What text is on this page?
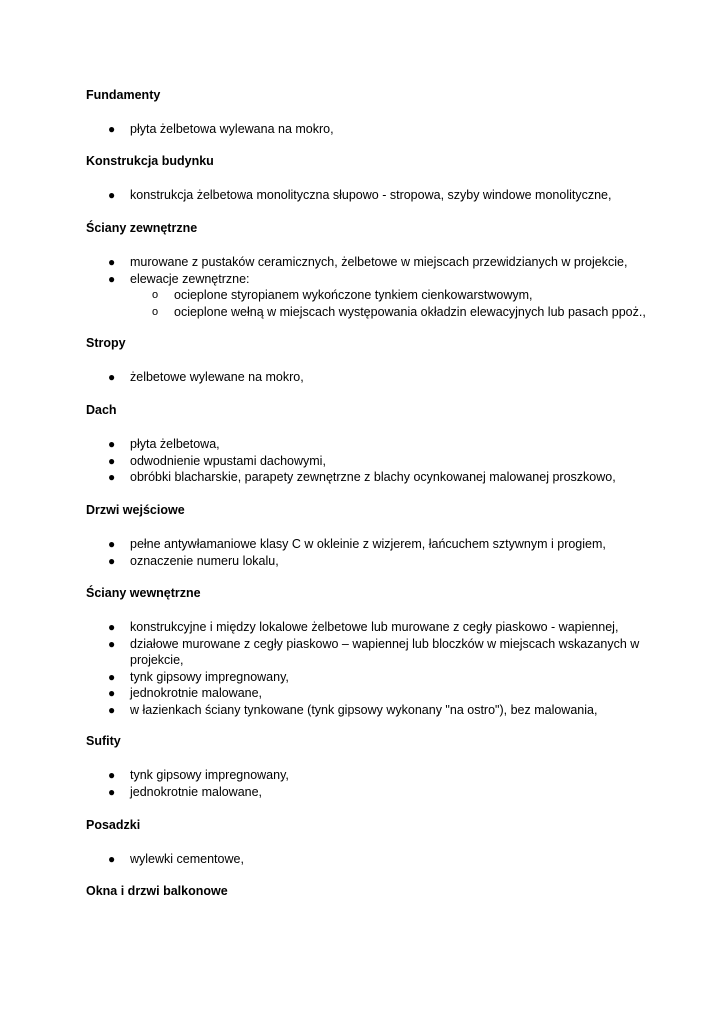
Fundamenty
● płyta żelbetowa wylewana na mokro,
Konstrukcja budynku
● konstrukcja żelbetowa monolityczna słupowo - stropowa, szyby windowe monolityczne,
Ściany zewnętrzne
● murowane z pustaków ceramicznych, żelbetowe w miejscach przewidzianych w projekcie,
● elewacje zewnętrzne:
o ocieplone styropianem wykończone tynkiem cienkowarstwowym,
o ocieplone wełną w miejscach występowania okładzin elewacyjnych lub pasach ppoż.,
Stropy
● żelbetowe wylewane na mokro,
Dach
● płyta żelbetowa,
● odwodnienie wpustami dachowymi,
● obróbki blacharskie, parapety zewnętrzne z blachy ocynkowanej malowanej proszkowo,
Drzwi wejściowe
● pełne antywłamaniowe klasy C w okleinie z wizjerem, łańcuchem sztywnym i progiem,
● oznaczenie numeru lokalu,
Ściany wewnętrzne
● konstrukcyjne i między lokalowe żelbetowe lub murowane z cegły piaskowo - wapiennej,
● działowe murowane z cegły piaskowo – wapiennej lub bloczków w miejscach wskazanych w projekcie,
● tynk gipsowy impregnowany,
● jednokrotnie malowane,
● w łazienkach ściany tynkowane (tynk gipsowy wykonany "na ostro"), bez malowania,
Sufity
● tynk gipsowy impregnowany,
● jednokrotnie malowane,
Posadzki
● wylewki cementowe,
Okna i drzwi balkonowe
